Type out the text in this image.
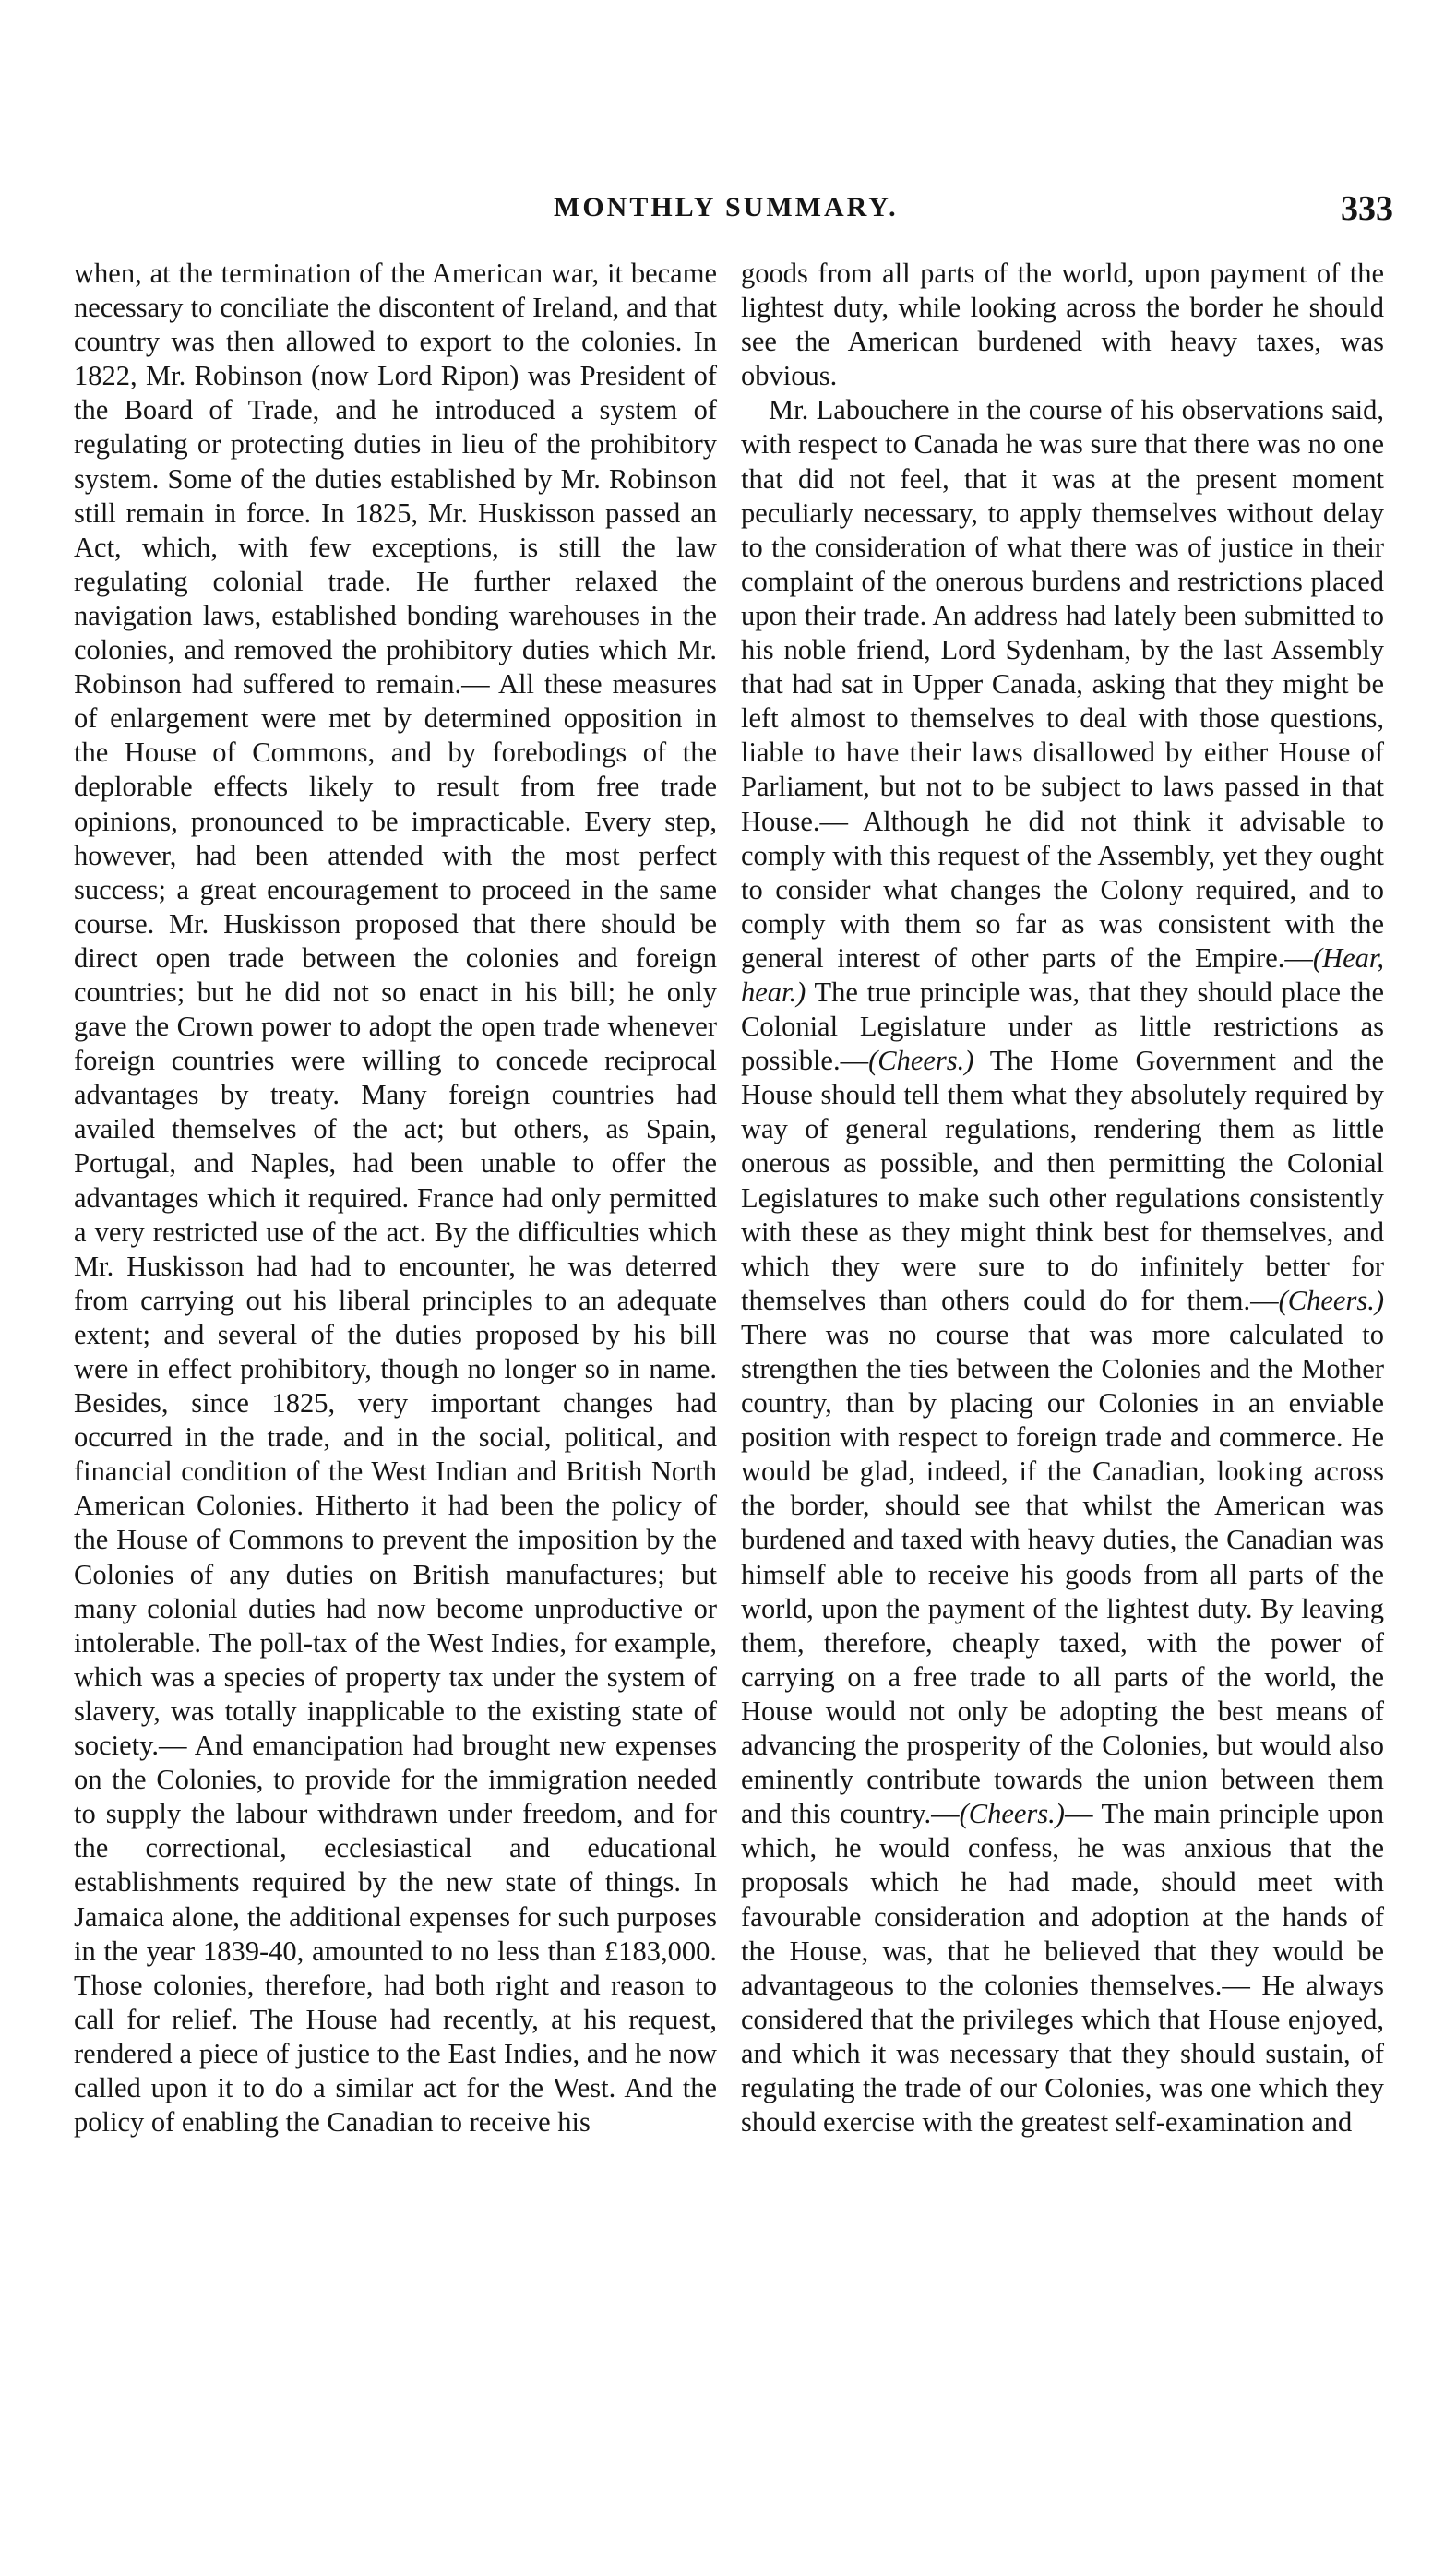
MONTHLY SUMMARY.	333

when, at the termination of the American war, it became necessary to conciliate the discontent of Ireland, and that country was then allowed to export to the colonies. In 1822, Mr. Robinson (now Lord Ripon) was President of the Board of Trade, and he introduced a system of regulating or protecting duties in lieu of the prohibitory system. Some of the duties established by Mr. Robinson still remain in force. In 1825, Mr. Huskisson passed an Act, which, with few exceptions, is still the law regulating colonial trade. He further relaxed the navigation laws, established bonding warehouses in the colonies, and removed the prohibitory duties which Mr. Robinson had suffered to remain.— All these measures of enlargement were met by determined opposition in the House of Commons, and by forebodings of the deplorable effects likely to result from free trade opinions, pronounced to be impracticable. Every step, however, had been attended with the most perfect success; a great encouragement to proceed in the same course. Mr. Huskisson proposed that there should be direct open trade between the colonies and foreign countries; but he did not so enact in his bill; he only gave the Crown power to adopt the open trade whenever foreign countries were willing to concede reciprocal advantages by treaty. Many foreign countries had availed themselves of the act; but others, as Spain, Portugal, and Naples, had been unable to offer the advantages which it required. France had only permitted a very restricted use of the act. By the difficulties which Mr. Huskisson had had to encounter, he was deterred from carrying out his liberal principles to an adequate extent; and several of the duties proposed by his bill were in effect prohibitory, though no longer so in name. Besides, since 1825, very important changes had occurred in the trade, and in the social, political, and financial condition of the West Indian and British North American Colonies. Hitherto it had been the policy of the House of Commons to prevent the imposition by the Colonies of any duties on British manufactures; but many colonial duties had now become unproductive or intolerable. The poll-tax of the West Indies, for example, which was a species of property tax under the system of slavery, was totally inapplicable to the existing state of society.— And emancipation had brought new expenses on the Colonies, to provide for the immigration needed to supply the labour withdrawn under freedom, and for the correctional, ecclesiastical and educational establishments required by the new state of things. In Jamaica alone, the additional expenses for such purposes in the year 1839-40, amounted to no less than £183,000. Those colonies, therefore, had both right and reason to call for relief. The House had recently, at his request, rendered a piece of justice to the East Indies, and he now called upon it to do a similar act for the West. And the policy of enabling the Canadian to receive his

goods from all parts of the world, upon payment of the lightest duty, while looking across the border he should see the American burdened with heavy taxes, was obvious.

Mr. Labouchere in the course of his observations said, with respect to Canada he was sure that there was no one that did not feel, that it was at the present moment peculiarly necessary, to apply themselves without delay to the consideration of what there was of justice in their complaint of the onerous burdens and restrictions placed upon their trade. An address had lately been submitted to his noble friend, Lord Sydenham, by the last Assembly that had sat in Upper Canada, asking that they might be left almost to themselves to deal with those questions, liable to have their laws disallowed by either House of Parliament, but not to be subject to laws passed in that House.— Although he did not think it advisable to comply with this request of the Assembly, yet they ought to consider what changes the Colony required, and to comply with them so far as was consistent with the general interest of other parts of the Empire.—(Hear, hear.) The true principle was, that they should place the Colonial Legislature under as little restrictions as possible.—(Cheers.) The Home Government and the House should tell them what they absolutely required by way of general regulations, rendering them as little onerous as possible, and then permitting the Colonial Legislatures to make such other regulations consistently with these as they might think best for themselves, and which they were sure to do infinitely better for themselves than others could do for them.—(Cheers.) There was no course that was more calculated to strengthen the ties between the Colonies and the Mother country, than by placing our Colonies in an enviable position with respect to foreign trade and commerce. He would be glad, indeed, if the Canadian, looking across the border, should see that whilst the American was burdened and taxed with heavy duties, the Canadian was himself able to receive his goods from all parts of the world, upon the payment of the lightest duty. By leaving them, therefore, cheaply taxed, with the power of carrying on a free trade to all parts of the world, the House would not only be adopting the best means of advancing the prosperity of the Colonies, but would also eminently contribute towards the union between them and this country.—(Cheers.)— The main principle upon which, he would confess, he was anxious that the proposals which he had made, should meet with favourable consideration and adoption at the hands of the House, was, that he believed that they would be advantageous to the colonies themselves.— He always considered that the privileges which that House enjoyed, and which it was necessary that they should sustain, of regulating the trade of our Colonies, was one which they should exercise with the greatest self-examination and
